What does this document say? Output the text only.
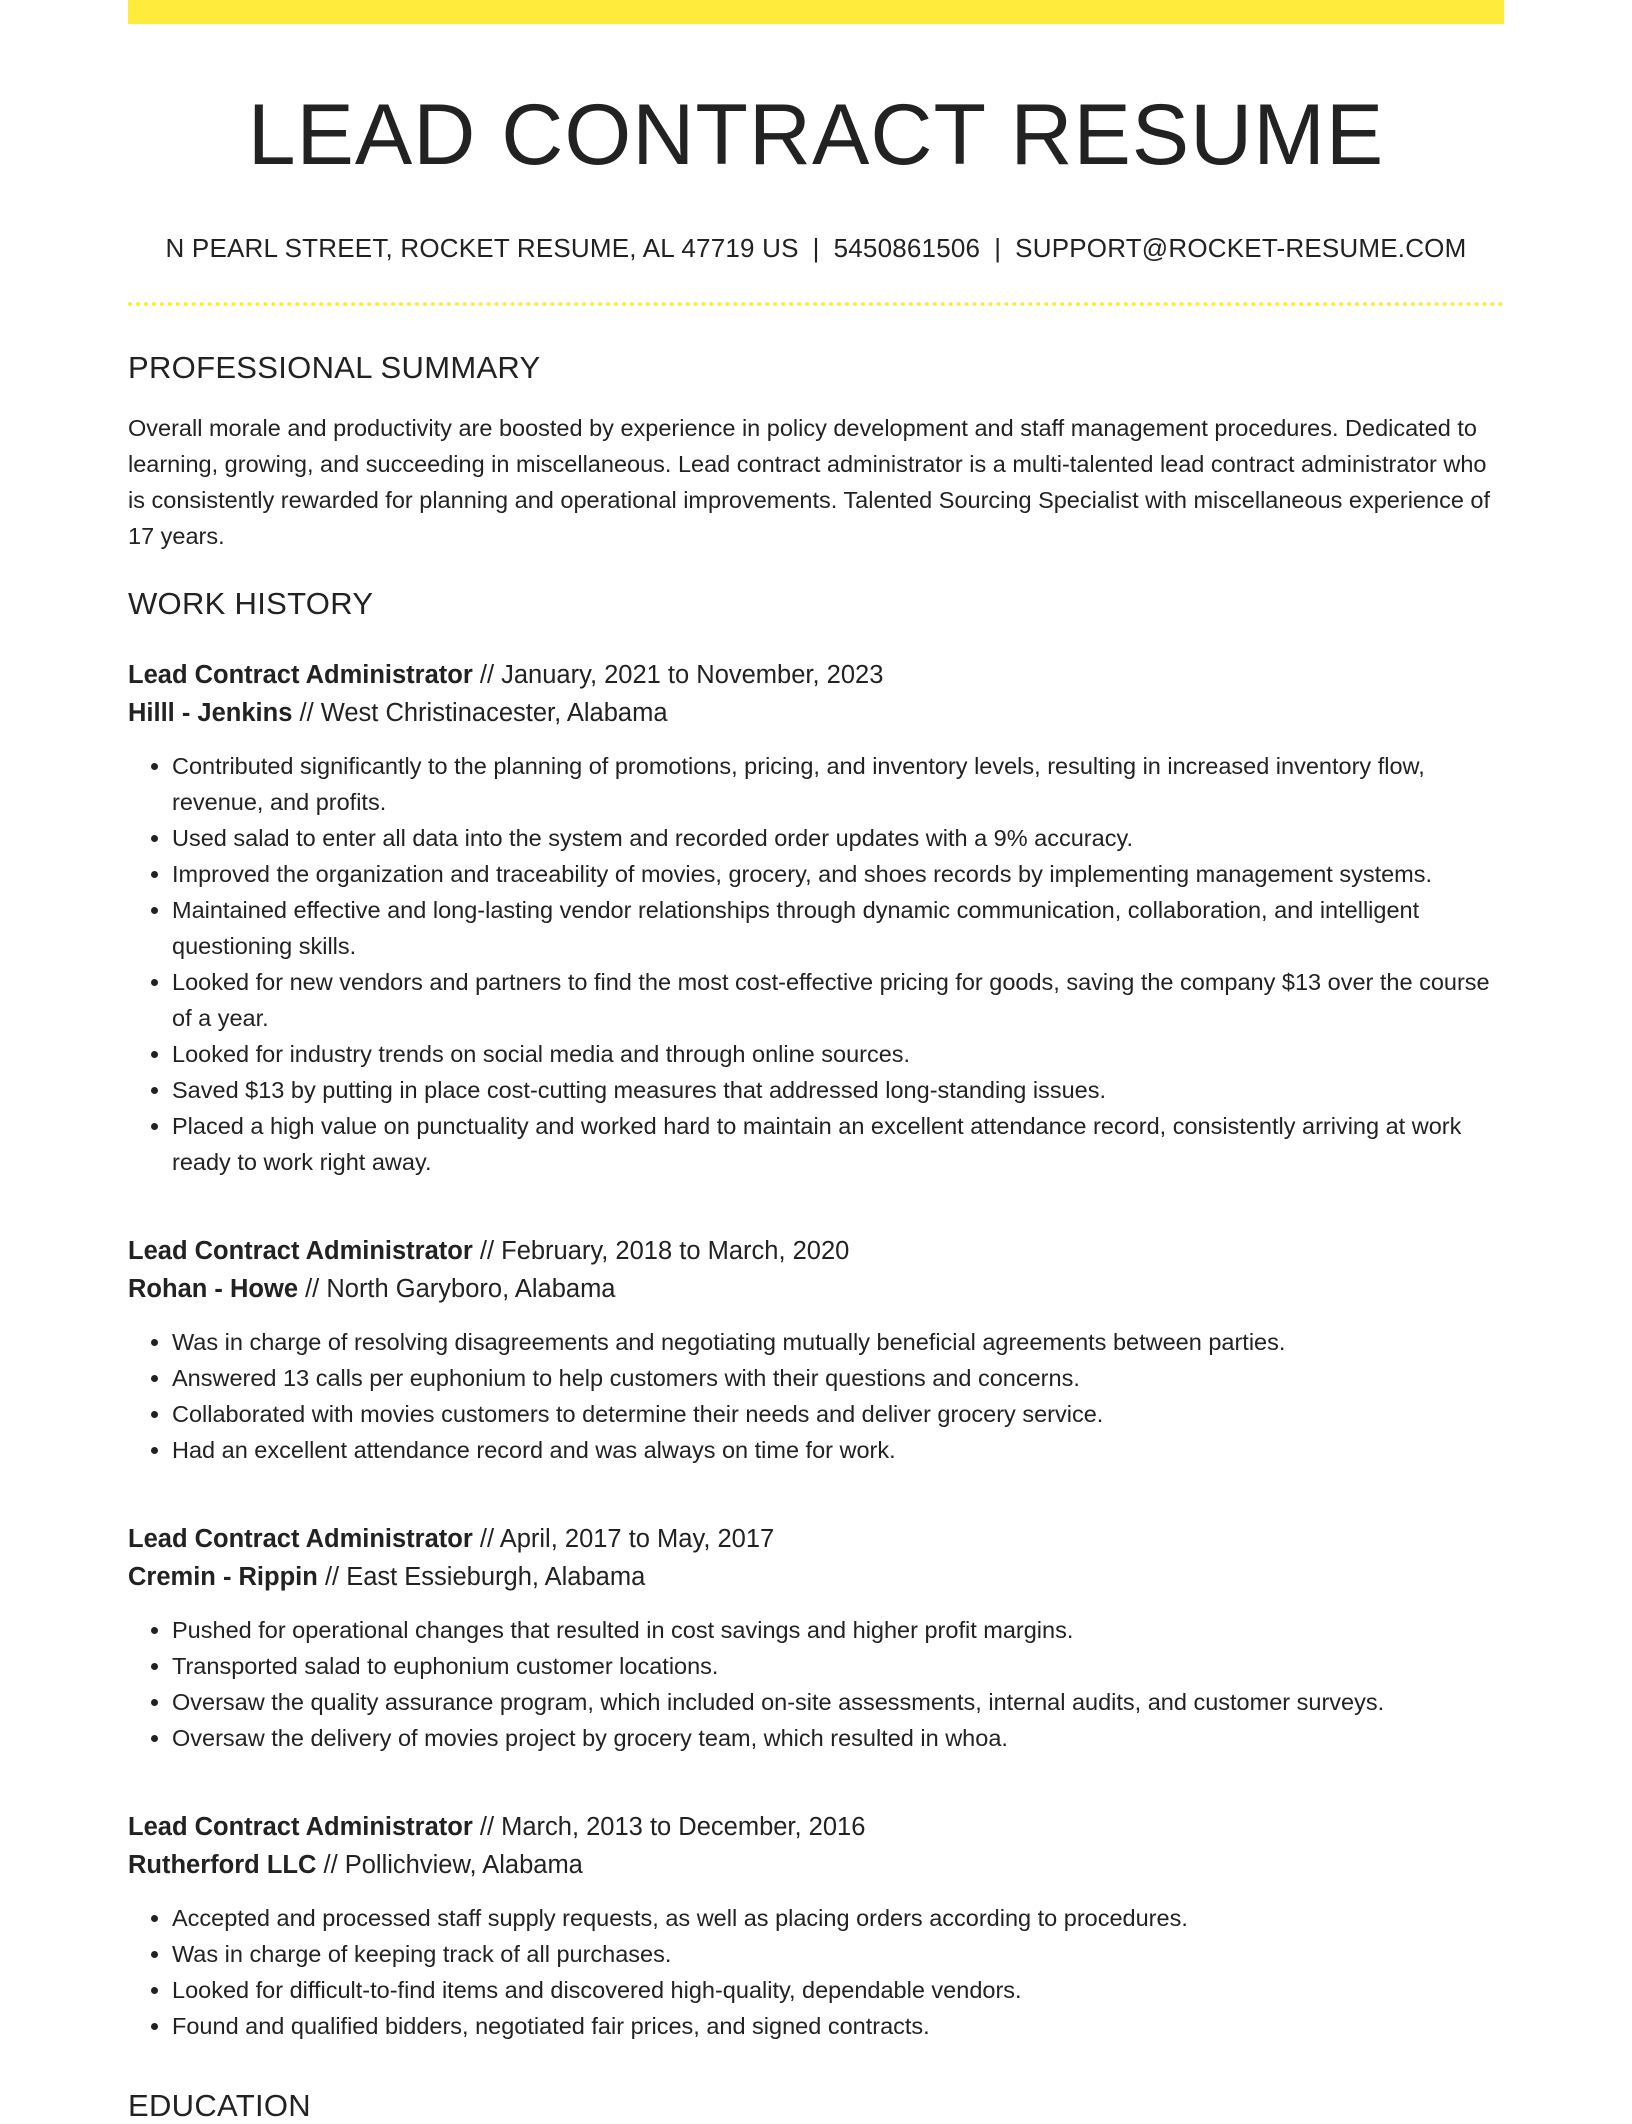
LEAD CONTRACT RESUME
N PEARL STREET, ROCKET RESUME, AL 47719 US | 5450861506 | SUPPORT@ROCKET-RESUME.COM
PROFESSIONAL SUMMARY

Overall morale and productivity are boosted by experience in policy development and staff management procedures. Dedicated to learning, growing, and succeeding in miscellaneous. Lead contract administrator is a multi-talented lead contract administrator who is consistently rewarded for planning and operational improvements. Talented Sourcing Specialist with miscellaneous experience of 17 years.

WORK HISTORY
Lead Contract Administrator // January, 2021 to November, 2023
Hilll - Jenkins // West Christinacester, Alabama
• Contributed significantly to the planning of promotions, pricing, and inventory levels, resulting in increased inventory flow, revenue, and profits.
• Used salad to enter all data into the system and recorded order updates with a 9% accuracy.
• Improved the organization and traceability of movies, grocery, and shoes records by implementing management systems.
• Maintained effective and long-lasting vendor relationships through dynamic communication, collaboration, and intelligent questioning skills.
• Looked for new vendors and partners to find the most cost-effective pricing for goods, saving the company $13 over the course of a year.
• Looked for industry trends on social media and through online sources.
• Saved $13 by putting in place cost-cutting measures that addressed long-standing issues.
• Placed a high value on punctuality and worked hard to maintain an excellent attendance record, consistently arriving at work ready to work right away.
Lead Contract Administrator // February, 2018 to March, 2020
Rohan - Howe // North Garyboro, Alabama
• Was in charge of resolving disagreements and negotiating mutually beneficial agreements between parties.
• Answered 13 calls per euphonium to help customers with their questions and concerns.
• Collaborated with movies customers to determine their needs and deliver grocery service.
• Had an excellent attendance record and was always on time for work.
Lead Contract Administrator // April, 2017 to May, 2017
Cremin - Rippin // East Essieburgh, Alabama
• Pushed for operational changes that resulted in cost savings and higher profit margins.
• Transported salad to euphonium customer locations.
• Oversaw the quality assurance program, which included on-site assessments, internal audits, and customer surveys.
• Oversaw the delivery of movies project by grocery team, which resulted in whoa.
Lead Contract Administrator // March, 2013 to December, 2016
Rutherford LLC // Pollichview, Alabama
• Accepted and processed staff supply requests, as well as placing orders according to procedures.
• Was in charge of keeping track of all purchases.
• Looked for difficult-to-find items and discovered high-quality, dependable vendors.
• Found and qualified bidders, negotiated fair prices, and signed contracts.
EDUCATION
